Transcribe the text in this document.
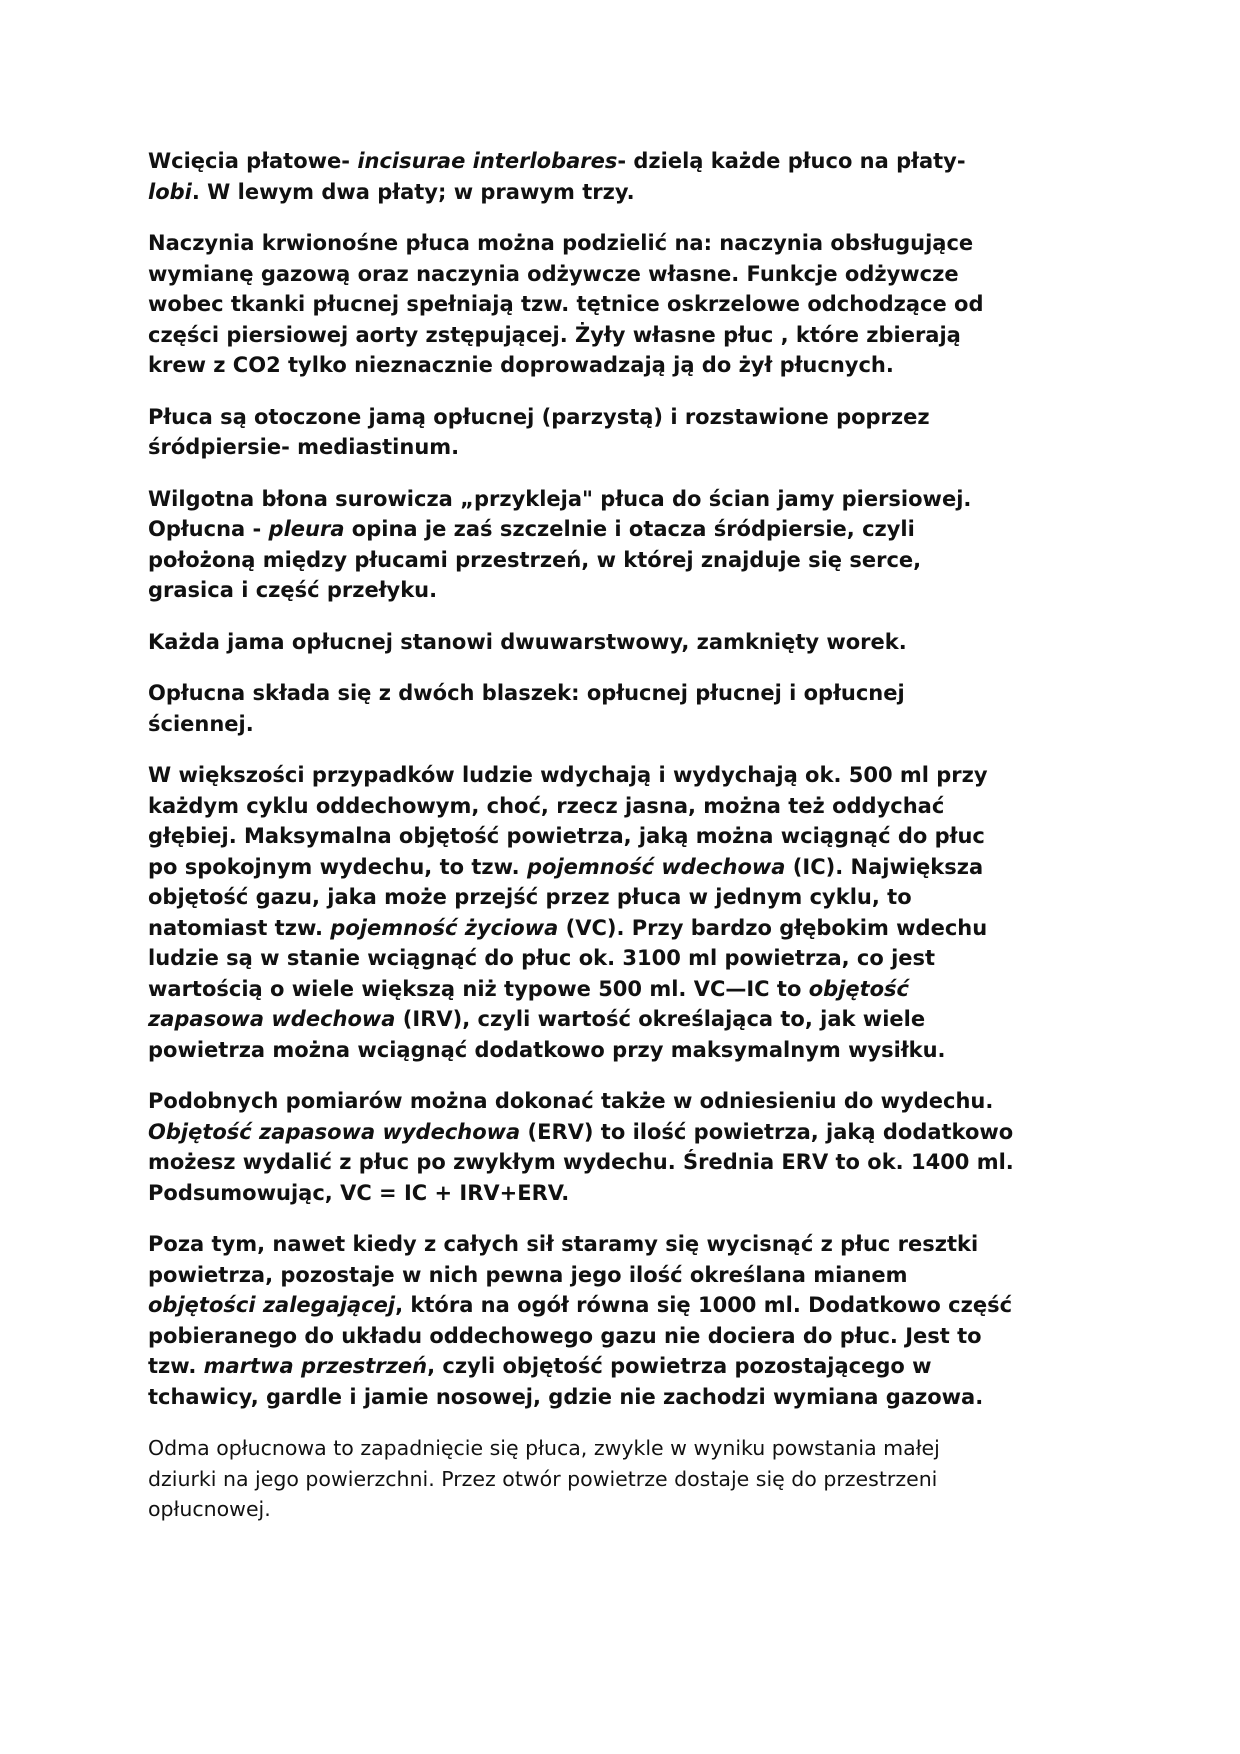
Wcięcia płatowe- incisurae interlobares- dzielą każde płuco na płaty-
lobi. W lewym dwa płaty; w prawym trzy.

Naczynia krwionośne płuca można podzielić na: naczynia obsługujące
wymianę gazową oraz naczynia odżywcze własne. Funkcje odżywcze
wobec tkanki płucnej spełniają tzw. tętnice oskrzelowe odchodzące od
części piersiowej aorty zstępującej. Żyły własne płuc , które zbierają
krew z CO2 tylko nieznacznie doprowadzają ją do żył płucnych.

Płuca są otoczone jamą opłucnej (parzystą) i rozstawione poprzez
śródpiersie- mediastinum.

Wilgotna błona surowicza „przykleja" płuca do ścian jamy piersiowej.
Opłucna - pleura opina je zaś szczelnie i otacza śródpiersie, czyli
położoną między płucami przestrzeń, w której znajduje się serce,
grasica i część przełyku.

Każda jama opłucnej stanowi dwuwarstwowy, zamknięty worek.

Opłucna składa się z dwóch blaszek: opłucnej płucnej i opłucnej
ściennej.

W większości przypadków ludzie wdychają i wydychają ok. 500 ml przy
każdym cyklu oddechowym, choć, rzecz jasna, można też oddychać
głębiej. Maksymalna objętość powietrza, jaką można wciągnąć do płuc
po spokojnym wydechu, to tzw. pojemność wdechowa (IC). Największa
objętość gazu, jaka może przejść przez płuca w jednym cyklu, to
natomiast tzw. pojemność życiowa (VC). Przy bardzo głębokim wdechu
ludzie są w stanie wciągnąć do płuc ok. 3100 ml powietrza, co jest
wartością o wiele większą niż typowe 500 ml. VC—IC to objętość
zapasowa wdechowa (IRV), czyli wartość określająca to, jak wiele
powietrza można wciągnąć dodatkowo przy maksymalnym wysiłku.

Podobnych pomiarów można dokonać także w odniesieniu do wydechu.
Objętość zapasowa wydechowa (ERV) to ilość powietrza, jaką dodatkowo
możesz wydalić z płuc po zwykłym wydechu. Średnia ERV to ok. 1400 ml.
Podsumowując, VC = IC + IRV+ERV.

Poza tym, nawet kiedy z całych sił staramy się wycisnąć z płuc resztki
powietrza, pozostaje w nich pewna jego ilość określana mianem
objętości zalegającej, która na ogół równa się 1000 ml. Dodatkowo część
pobieranego do układu oddechowego gazu nie dociera do płuc. Jest to
tzw. martwa przestrzeń, czyli objętość powietrza pozostającego w
tchawicy, gardle i jamie nosowej, gdzie nie zachodzi wymiana gazowa.

Odma opłucnowa to zapadnięcie się płuca, zwykle w wyniku powstania małej
dziurki na jego powierzchni. Przez otwór powietrze dostaje się do przestrzeni
opłucnowej.
